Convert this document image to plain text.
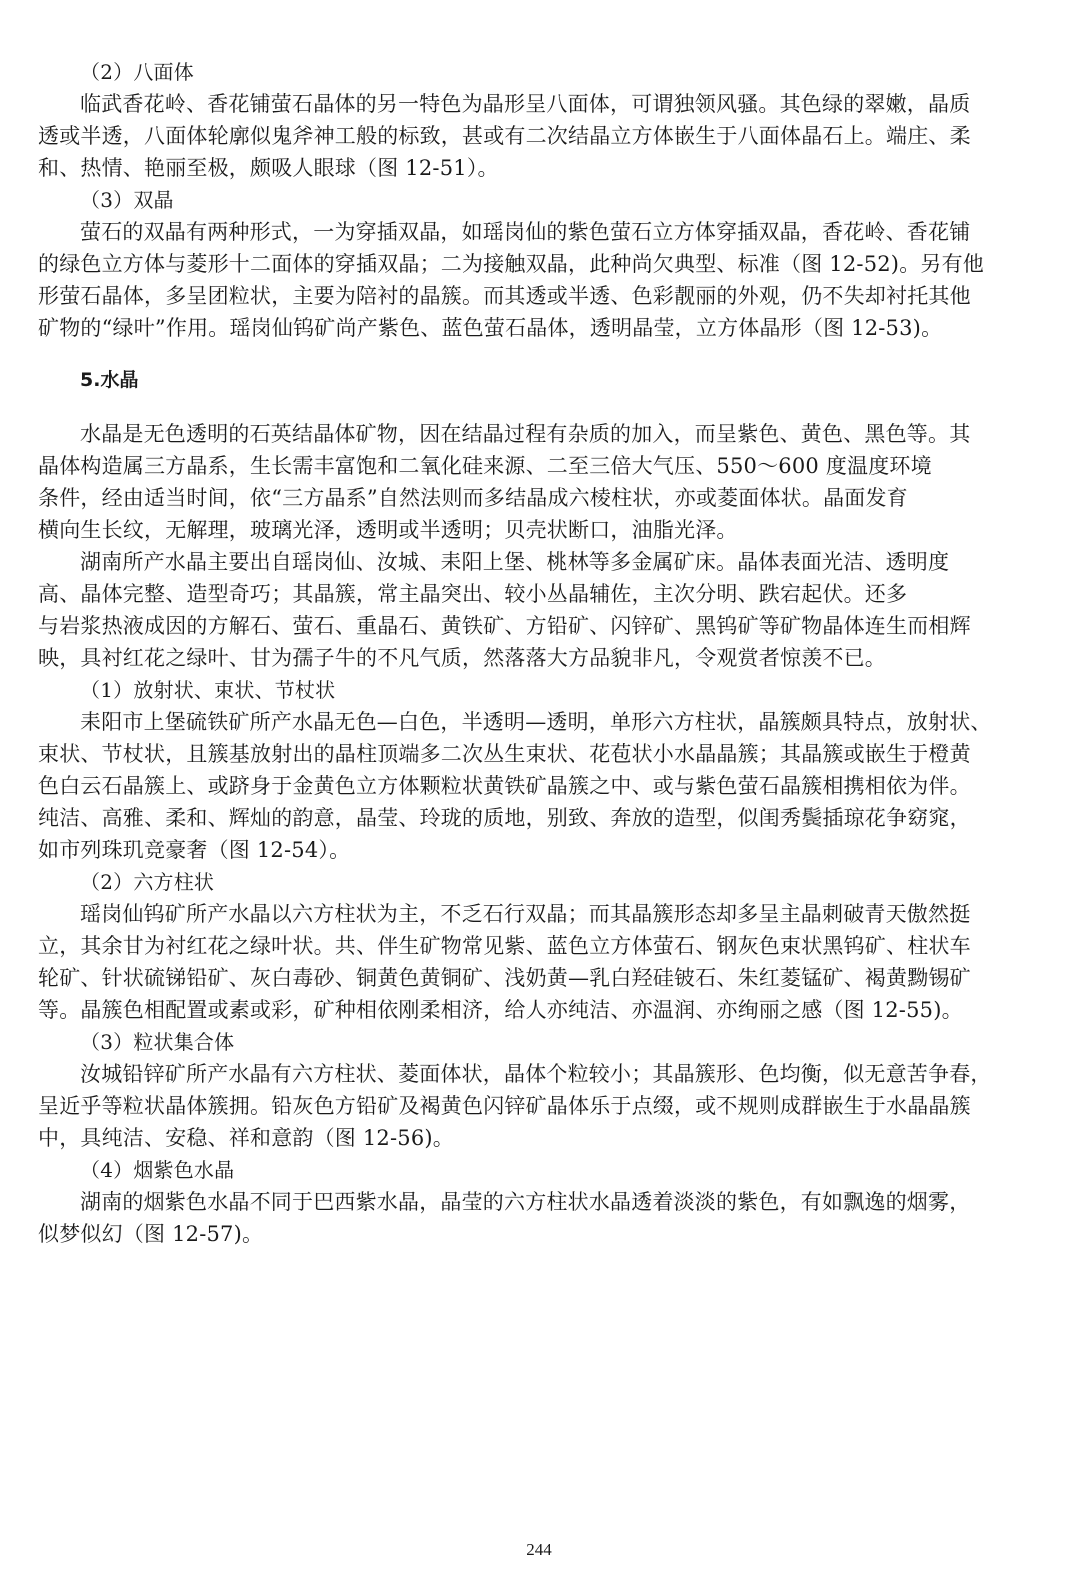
（2）八面体
临武香花岭、香花铺萤石晶体的另一特色为晶形呈八面体，可谓独领风骚。其色绿的翠嫩，晶质
透或半透，八面体轮廓似鬼斧神工般的标致，甚或有二次结晶立方体嵌生于八面体晶石上。端庄、柔
和、热情、艳丽至极，颇吸人眼球（图 12-51）。
（3）双晶
萤石的双晶有两种形式，一为穿插双晶，如瑶岗仙的紫色萤石立方体穿插双晶，香花岭、香花铺
的绿色立方体与菱形十二面体的穿插双晶；二为接触双晶，此种尚欠典型、标准（图 12-52)。另有他
形萤石晶体，多呈团粒状，主要为陪衬的晶簇。而其透或半透、色彩靓丽的外观，仍不失却衬托其他
矿物的“绿叶”作用。瑶岗仙钨矿尚产紫色、蓝色萤石晶体，透明晶莹，立方体晶形（图 12-53)。
5.水晶
水晶是无色透明的石英结晶体矿物，因在结晶过程有杂质的加入，而呈紫色、黄色、黑色等。其
晶体构造属三方晶系，生长需丰富饱和二氧化硅来源、二至三倍大气压、550～600 度温度环境
条件，经由适当时间，依“三方晶系”自然法则而多结晶成六棱柱状，亦或菱面体状。晶面发育
横向生长纹，无解理，玻璃光泽，透明或半透明；贝壳状断口，油脂光泽。
湖南所产水晶主要出自瑶岗仙、汝城、耒阳上堡、桃林等多金属矿床。晶体表面光洁、透明度
高、晶体完整、造型奇巧；其晶簇，常主晶突出、较小丛晶辅佐，主次分明、跌宕起伏。还多
与岩浆热液成因的方解石、萤石、重晶石、黄铁矿、方铅矿、闪锌矿、黑钨矿等矿物晶体连生而相辉
映，具衬红花之绿叶、甘为孺子牛的不凡气质，然落落大方品貌非凡，令观赏者惊羡不已。
（1）放射状、束状、节杖状
耒阳市上堡硫铁矿所产水晶无色—白色，半透明—透明，单形六方柱状，晶簇颇具特点，放射状、
束状、节杖状，且簇基放射出的晶柱顶端多二次丛生束状、花苞状小水晶晶簇；其晶簇或嵌生于橙黄
色白云石晶簇上、或跻身于金黄色立方体颗粒状黄铁矿晶簇之中、或与紫色萤石晶簇相携相依为伴。
纯洁、高雅、柔和、辉灿的韵意，晶莹、玲珑的质地，别致、奔放的造型，似闺秀鬓插琼花争窈窕，
如市列珠玑竞豪奢（图 12-54）。
（2）六方柱状
瑶岗仙钨矿所产水晶以六方柱状为主，不乏石行双晶；而其晶簇形态却多呈主晶刺破青天傲然挺
立，其余甘为衬红花之绿叶状。共、伴生矿物常见紫、蓝色立方体萤石、钢灰色束状黑钨矿、柱状车
轮矿、针状硫锑铅矿、灰白毒砂、铜黄色黄铜矿、浅奶黄—乳白羟硅铍石、朱红菱锰矿、褐黄黝锡矿
等。晶簇色相配置或素或彩，矿种相依刚柔相济，给人亦纯洁、亦温润、亦绚丽之感（图 12-55)。
（3）粒状集合体
汝城铅锌矿所产水晶有六方柱状、菱面体状，晶体个粒较小；其晶簇形、色均衡，似无意苦争春，
呈近乎等粒状晶体簇拥。铅灰色方铅矿及褐黄色闪锌矿晶体乐于点缀，或不规则成群嵌生于水晶晶簇
中，具纯洁、安稳、祥和意韵（图 12-56)。
（4）烟紫色水晶
湖南的烟紫色水晶不同于巴西紫水晶，晶莹的六方柱状水晶透着淡淡的紫色，有如飘逸的烟雾，
似梦似幻（图 12-57)。
244
